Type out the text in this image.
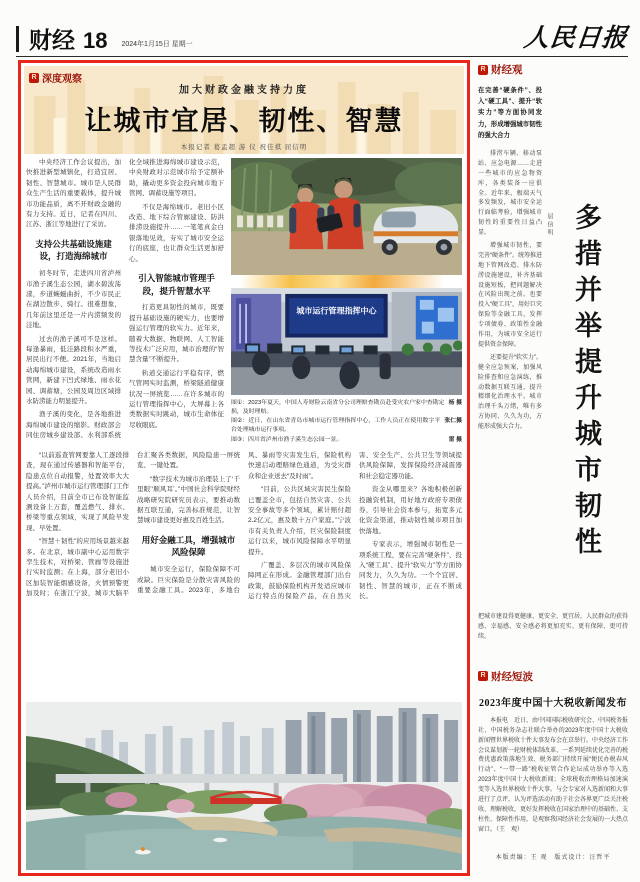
财经 18 2024年1月15日 星期一	人民日报
R 深度观察
加大财政金融支持力度
让城市宜居、韧性、智慧
本报记者 葛孟超 游 仪 祝佳祺 屈信明

中央经济工作会议提出，加快推进新型城镇化，打造宜居、韧性、智慧城市。城市是人民群众生产生活的重要载体，提升城市功能品质，离不开财政金融的有力支持。近日，记者在四川、江苏、浙江等地进行了采访。

支持公共基础设施建设，打造海绵城市

初冬时节，走进四川省泸州市渔子溪生态公园，湖水碧波荡漾，步道蜿蜒曲折，不少市民正在湖边散步、骑行。很难想象，几年前这里还是一片内涝频发的洼地。

过去的渔子溪可不是这样。每逢暴雨，低洼路段积水严重，居民出行不便。2021年，当地启动海绵城市建设，系统改造雨水管网，新建下凹式绿地、雨水花园、调蓄塘，公园及周边区域排水防涝能力明显提升。

渔子溪的变化，是各地推进海绵城市建设的缩影。财政部会同住房城乡建设部、水利部系统化全域推进海绵城市建设示范，中央财政对示范城市给予定额补助，撬动更多资金投向城市地下管网、调蓄设施等项目。

不仅是海绵城市。老旧小区改造、地下综合管廊建设、防洪排涝设施提升……一笔笔真金白银落地见效，夯实了城市安全运行的底座，也让群众生活更加舒心。

引入智能城市管理手段，提升智慧水平

打造更具韧性的城市，既要提升基础设施的硬实力，也要增强运行管理的软实力。近年来，随着大数据、物联网、人工智能等技术广泛应用，城市治理的“智慧含量”不断提升。

轨道交通运行平稳有序，燃气管网实时监测，桥梁隧道健康状况一屏统览……在许多城市的运行管理指挥中心，大屏幕上各类数据实时跳动，城市生命体征尽收眼底。

城市运行管理指挥中心
图①：2023年夏天，中国人寿财险云南省分公司理赔查勘员赴受灾农户家中查勘定损，及时理赔。
杨 摄
图②：近日，在山东省青岛市城市运行管理指挥中心，工作人员正在使用数字平台处理城市运行事项。
张仁摄
图③：四川省泸州市渔子溪生态公园一景。	雷 摄

“以前巡查管网要靠人工逐段排查，现在通过传感器和智能平台，隐患点位自动报警，处置效率大大提高。”泸州市城市运行管理部门工作人员介绍，目前全市已布设智能监测设备上万套，覆盖燃气、排水、桥梁等重点领域，实现了风险早发现、早处置。

“智慧＋韧性”的应用场景越来越多。在北京，城市副中心运用数字孪生技术，对桥梁、管廊等设施进行实时监测；在上海，部分老旧小区加装智能烟感设备，火情预警更加及时；在浙江宁波，城市大脑平台汇聚各类数据，风险隐患一屏统览、一键处置。

“数字技术为城市治理装上了‘千里眼’‘顺风耳’。”中国社会科学院财经战略研究院研究员表示，要推动数据互联互通，完善标准规范，让智慧城市建设更好惠及百姓生活。

用好金融工具，增强城市风险保障

城市安全运行，保险保障不可或缺。巨灾保险是分散灾害风险的重要金融工具。2023年，多地台风、暴雨等灾害发生后，保险机构快速启动理赔绿色通道，为受灾群众和企业送去“及时雨”。

“目前，公共区域灾害民生保险已覆盖全市，包括自然灾害、公共安全事故等多个领域，累计赔付超2.2亿元，惠及数十万户家庭。”宁波市有关负责人介绍，巨灾保险制度运行以来，城市风险保障水平明显提升。

广覆盖、多层次的城市风险保障网正在形成。金融管理部门出台政策，鼓励保险机构开发适应城市运行特点的保险产品，在自然灾害、安全生产、公共卫生等领域提供风险保障，发挥保险经济减震器和社会稳定器功能。

资金从哪里来？各地积极创新投融资机制，用好地方政府专项债券，引导社会资本参与，拓宽多元化资金渠道，推动韧性城市项目加快落地。

专家表示，增强城市韧性是一项系统工程，要在完善“硬条件”、投入“硬工具”、提升“软实力”等方面协同发力，久久为功。一个个宜居、韧性、智慧的城市，正在不断成长。

R 财经观
在完善“硬条件”、投入“硬工具”、提升“软实力”等方面协同发力，形成增强城市韧性的强大合力

排涝车辆、移动泵站、应急电源……走进一些城市的应急物资库，各类装备一应俱全。近年来，极端天气多发频发，城市安全运行面临考验，增强城市韧性的重要性日益凸显。

增强城市韧性，要完善“硬条件”。统筹推进地下管网改造、排水防涝设施建设，补齐基础设施短板，把问题解决在风险出现之前。也要投入“硬工具”，用好巨灾保险等金融工具，发挥专项债券、政策性金融作用，为城市安全运行提供资金保障。

还要提升“软实力”。健全应急预案，加强风险排查和应急演练，推动数据互联互通，提升精细化治理水平。城市治理千头万绪，唯有多方协同、久久为功，方能形成强大合力。	多措并举提升城市韧性
屈信明
把城市建设得更健康、更安全、更宜居，人民群众的获得感、幸福感、安全感必将更加充实、更有保障、更可持续。
R 财经短波
2023年度中国十大税收新闻发布

本报电　近日，由中国国际税收研究会、中国税务报社、中国税务杂志社联合举办的2023年度中国十大税收新闻暨世界税收十件大事发布会在京举行。中央经济工作会议谋划新一轮财税体制改革、一系列延续优化完善的税费优惠政策落地生效、税务部门持续开展“便民办税春风行动”、“一带一路”税收征管合作论坛成功举办等入选2023年度中国十大税收新闻；全球税收治理格局加速演变等入选世界税收十件大事。与会专家对入选新闻和大事进行了点评，认为评选活动有助于社会各界更广泛关注税收、理解税收，更好发挥税收在国家治理中的基础性、支柱性、保障性作用，是观察我国经济社会发展的一大热点窗口。（王　观）

本版责编：王 观　版式设计：汪哲平
